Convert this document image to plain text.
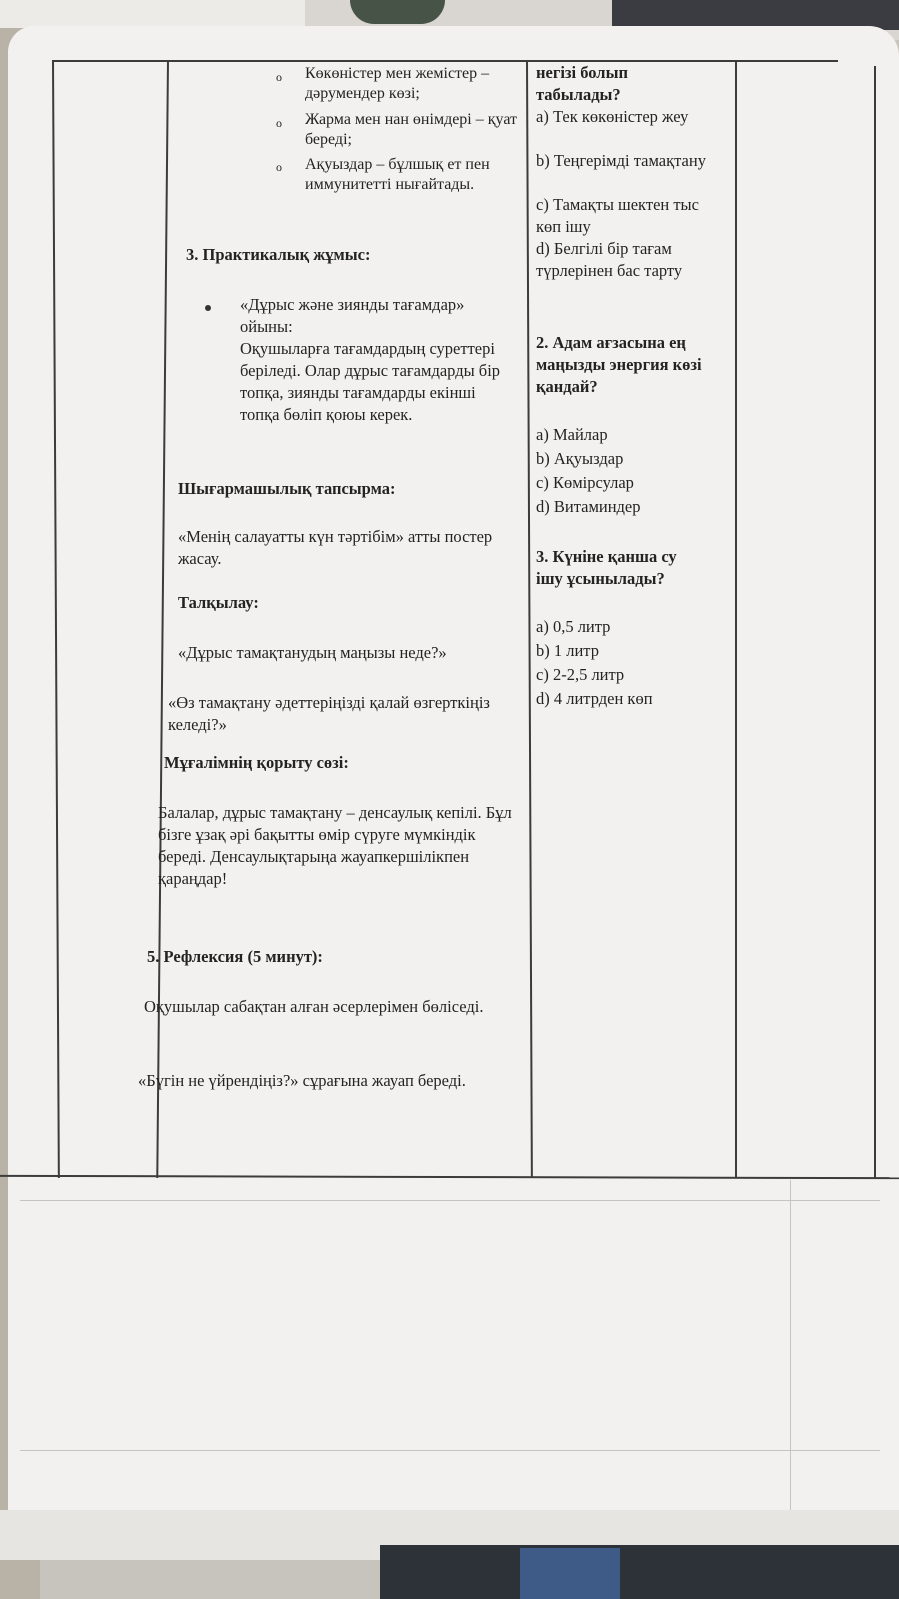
o Көкөністер мен жемістер – дәрумендер көзі;
o Жарма мен нан өнімдері – қуат береді;
o Ақуыздар – бұлшық ет пен иммунитетті нығайтады.
3. Практикалық жұмыс:
«Дұрыс және зиянды тағамдар»
ойыны:
Оқушыларға тағамдардың суреттері беріледі. Олар дұрыс тағамдарды бір топқа, зиянды тағамдарды екінші топқа бөліп қоюы керек.
Шығармашылық тапсырма:
«Менің салауатты күн тәртібім» атты постер жасау.
Талқылау:
«Дұрыс тамақтанудың маңызы неде?»
«Өз тамақтану әдеттеріңізді қалай өзгерткіңіз келеді?»
Мұғалімнің қорыту сөзі:
Балалар, дұрыс тамақтану – денсаулық кепілі. Бұл бізге ұзақ әрі бақытты өмір сүруге мүмкіндік береді. Денсаулықтарыңа жауапкершілікпен қараңдар!
5. Рефлексия (5 минут):
Оқушылар сабақтан алған әсерлерімен бөліседі.
«Бүгін не үйрендіңіз?» сұрағына жауап береді.
негізі болып табылады?
a) Тек көкөністер жеу
b) Теңгерімді тамақтану
c) Тамақты шектен тыс көп ішу
d) Белгілі бір тағам түрлерінен бас тарту
2. Адам ағзасына ең маңызды энергия көзі қандай?
a) Майлар
b) Ақуыздар
c) Көмірсулар
d) Витаминдер
3. Күніне қанша су ішу ұсынылады?
a) 0,5 литр
b) 1 литр
c) 2-2,5 литр
d) 4 литрден көп
